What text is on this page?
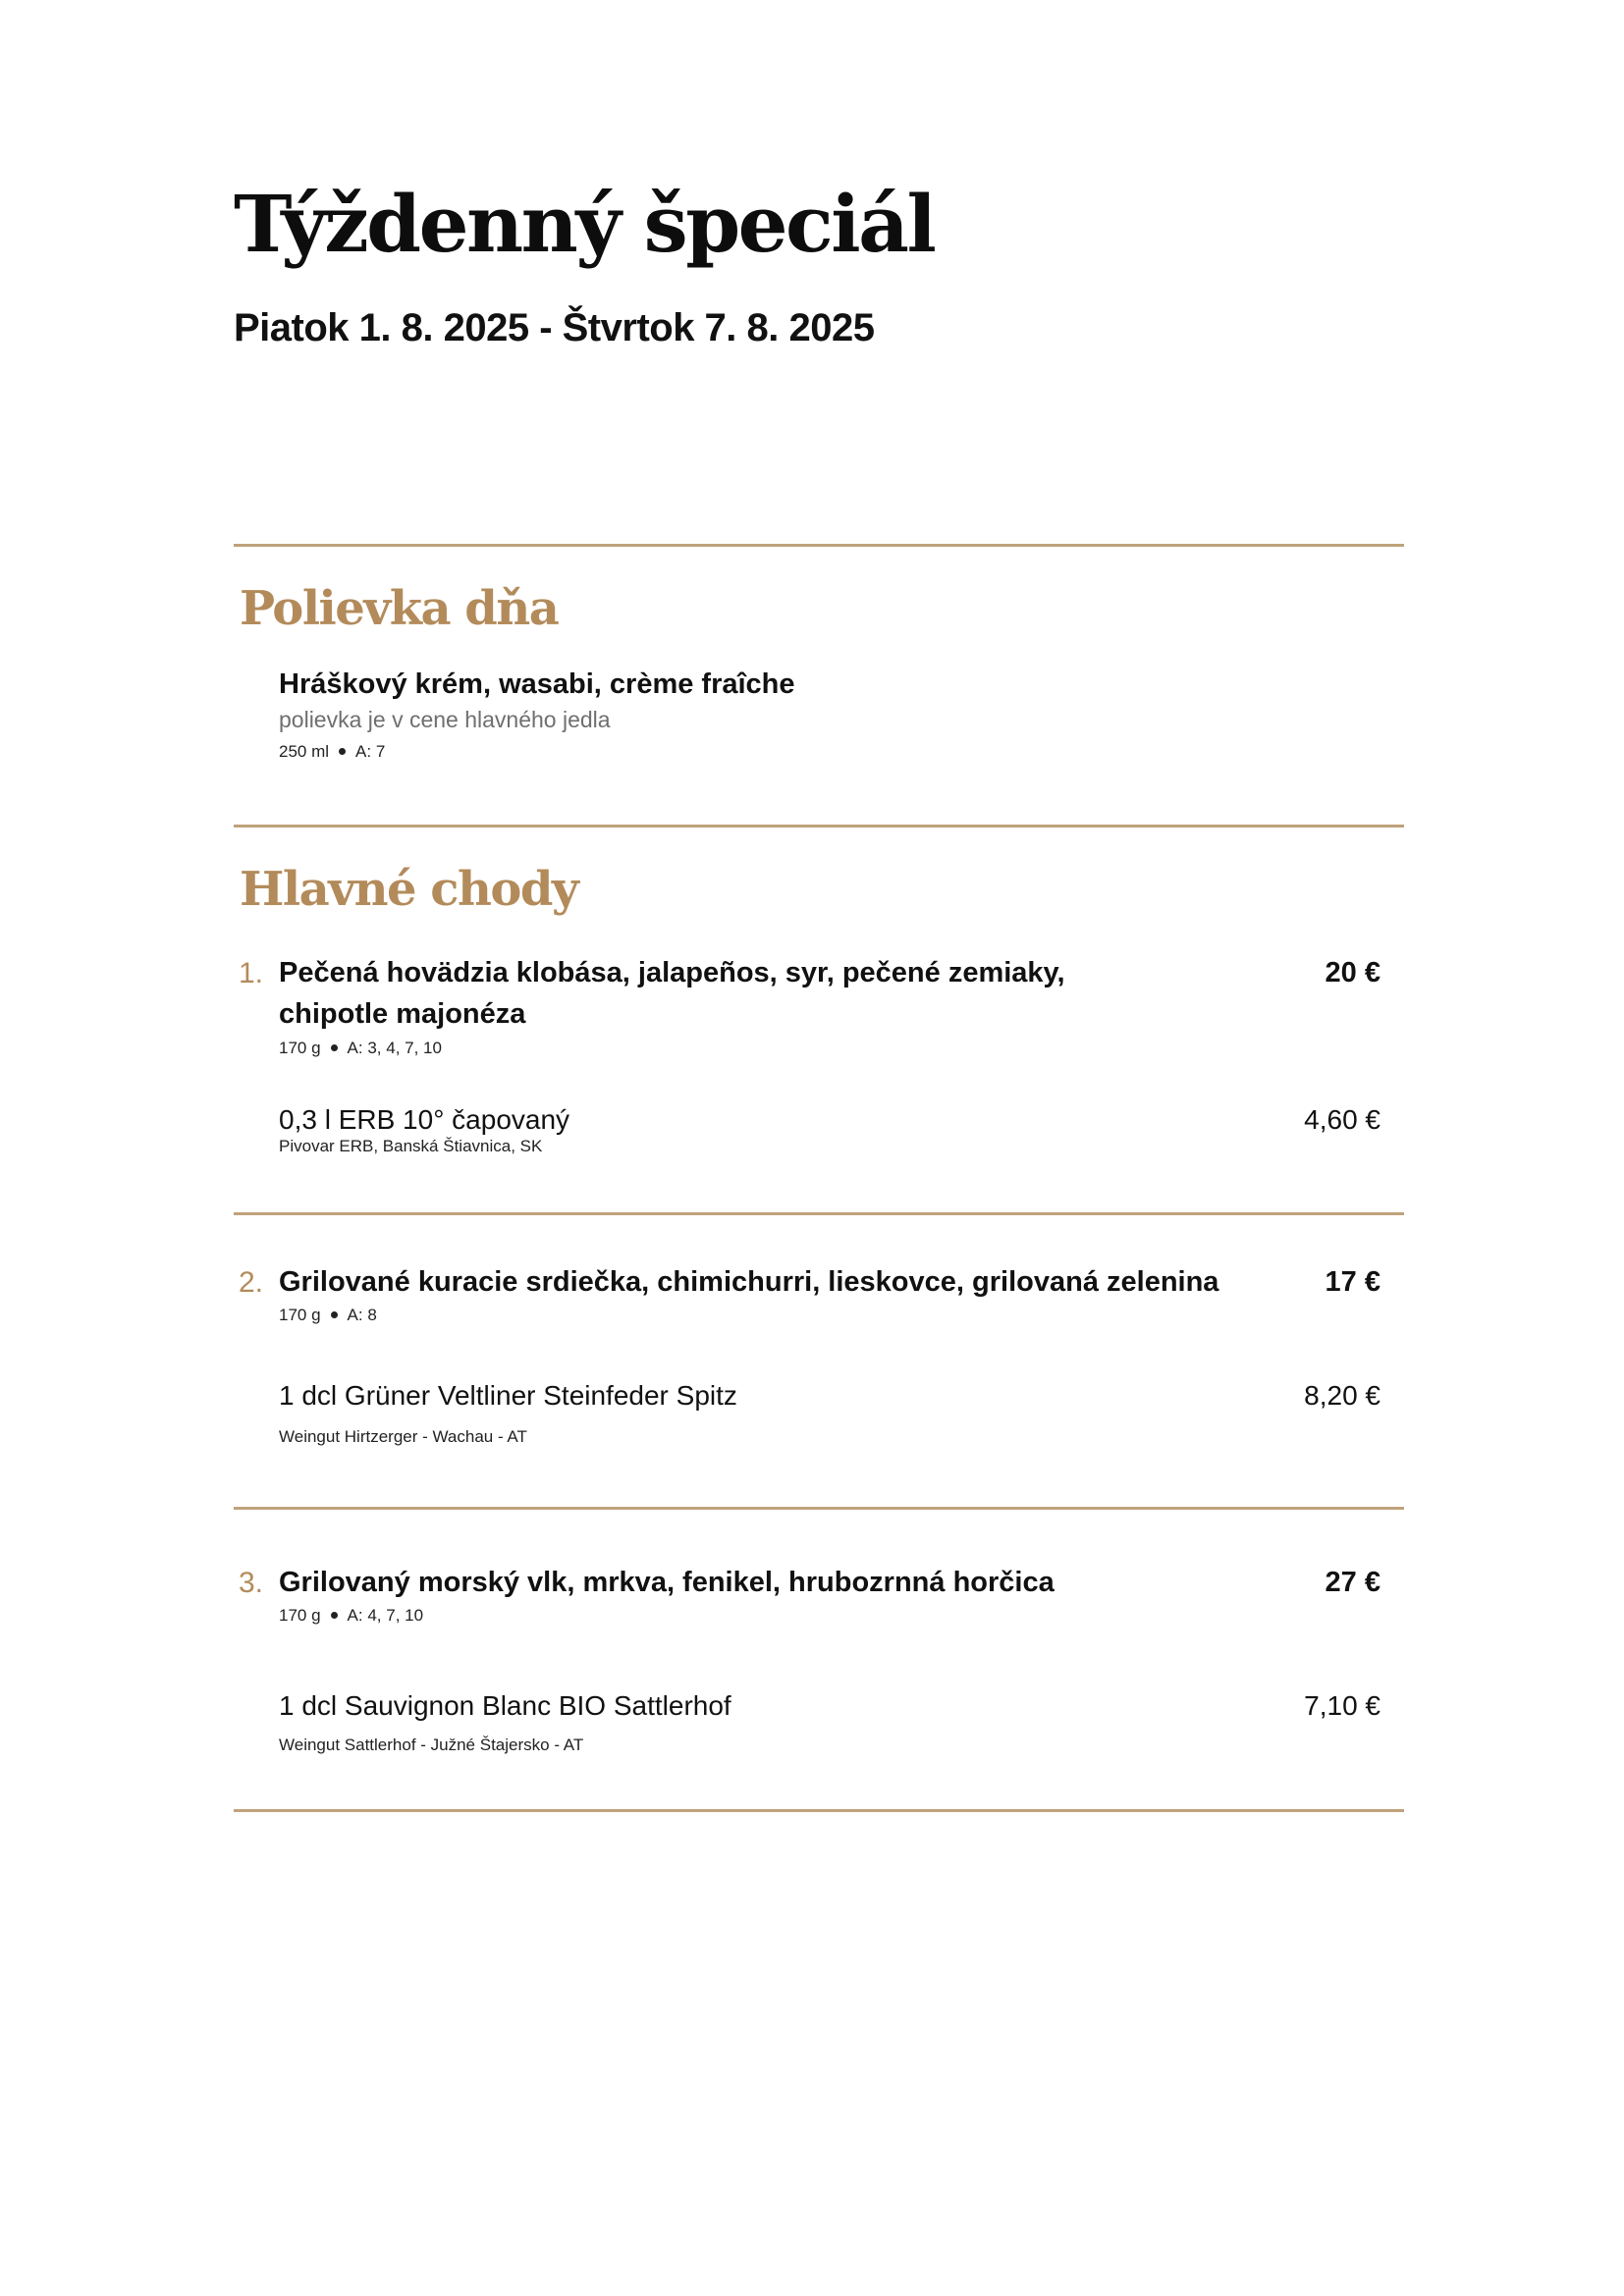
Týždenný špeciál
Piatok 1. 8. 2025 - Štvrtok 7. 8. 2025
Polievka dňa
Hráškový krém, wasabi, crème fraîche
polievka je v cene hlavného jedla
250 ml A: 7
Hlavné chody
1. Pečená hovädzia klobása, jalapeños, syr, pečené zemiaky,
chipotle majonéza
20 €
170 g A: 3, 4, 7, 10
0,3 l ERB 10° čapovaný	4,60 €
Pivovar ERB, Banská Štiavnica, SK
2. Grilované kuracie srdiečka, chimichurri, lieskovce, grilovaná zelenina	17 €
170 g A: 8
1 dcl Grüner Veltliner Steinfeder Spitz	8,20 €
Weingut Hirtzerger - Wachau - AT
3. Grilovaný morský vlk, mrkva, fenikel, hrubozrnná horčica	27 €
170 g A: 4, 7, 10
1 dcl Sauvignon Blanc BIO Sattlerhof	7,10 €
Weingut Sattlerhof - Južné Štajersko - AT
